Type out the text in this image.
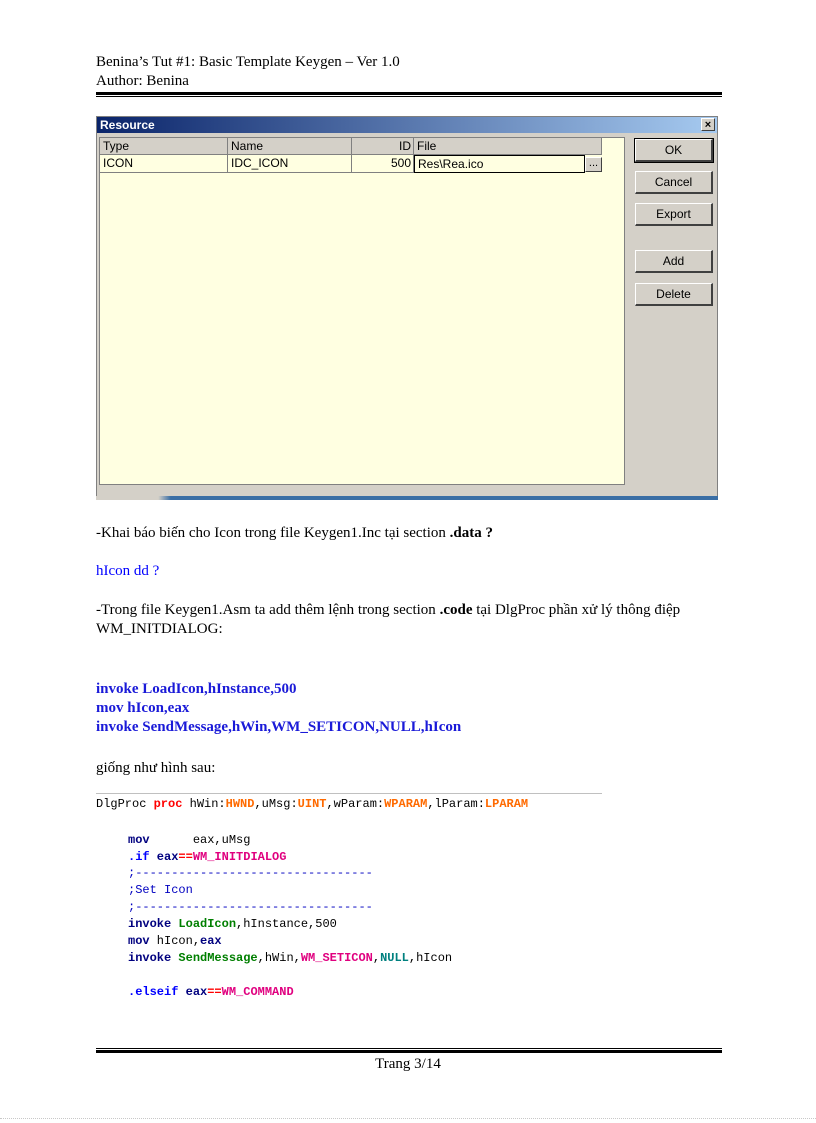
Benina’s Tut #1: Basic Template Keygen – Ver 1.0
Author: Benina
Resource	×
Type	Name	ID File
ICON	IDC_ICON	500 Res\Rea.ico	...
OK
Cancel
Export
Add
Delete
-Khai báo biến cho Icon trong file Keygen1.Inc tại section .data ?
hIcon dd ?
-Trong file Keygen1.Asm ta add thêm lệnh trong section .code tại DlgProc phần xử lý thông điệp
WM_INITDIALOG:
invoke LoadIcon,hInstance,500
mov hIcon,eax
invoke SendMessage,hWin,WM_SETICON,NULL,hIcon
giống như hình sau:
DlgProc proc hWin:HWND,uMsg:UINT,wParam:WPARAM,lParam:LPARAM
mov      eax,uMsg
.if eax==WM_INITDIALOG
;---------------------------------
;Set Icon
;---------------------------------
invoke LoadIcon,hInstance,500
mov hIcon,eax
invoke SendMessage,hWin,WM_SETICON,NULL,hIcon
.elseif eax==WM_COMMAND
Trang 3/14
